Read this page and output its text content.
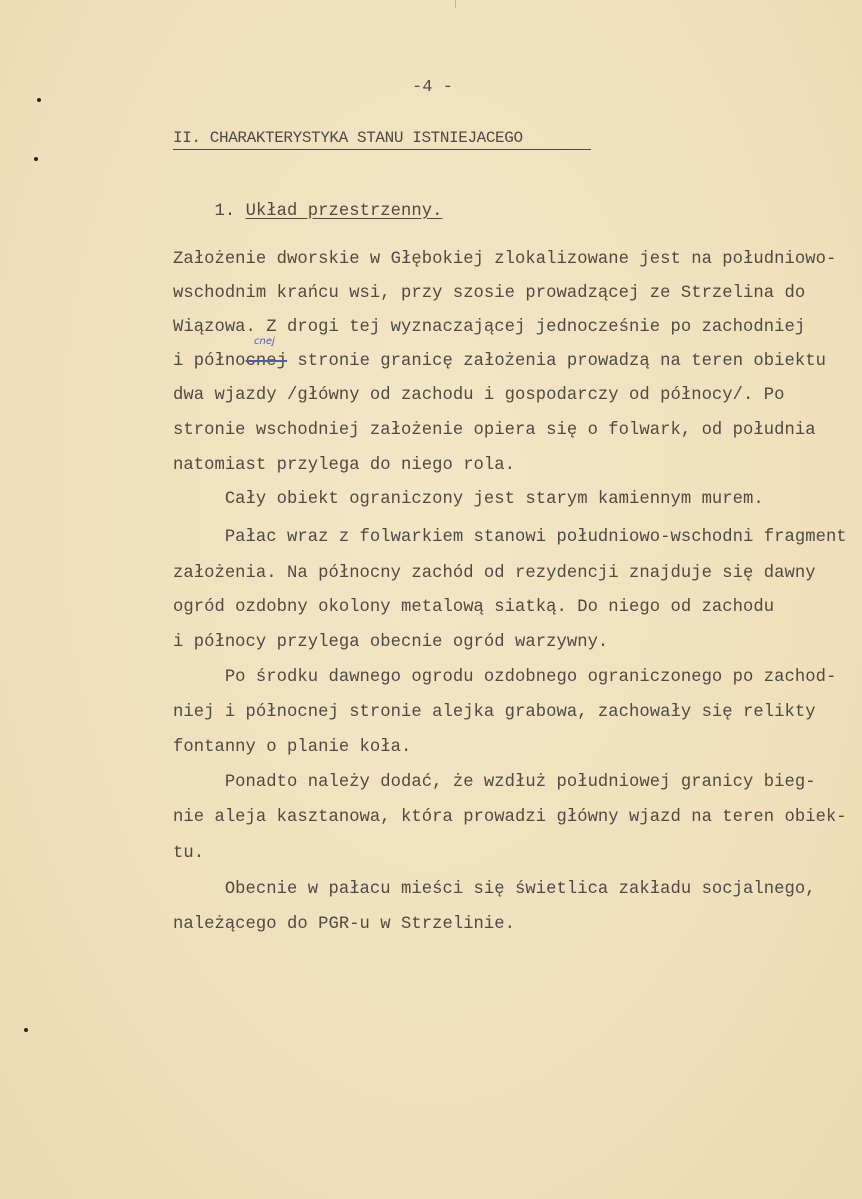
-4 -
II. CHARAKTERYSTYKA STANU ISTNIEJACEGO

1. Układ przestrzenny.

Założenie dworskie w Głębokiej zlokalizowane jest na południowo-
wschodnim krańcu wsi, przy szosie prowadzącej ze Strzelina do
Wiązowa. Z drogi tej wyznaczającej jednocześnie po zachodniej
cnej
i północnej stronie granicę założenia prowadzą na teren obiektu
dwa wjazdy /główny od zachodu i gospodarczy od północy/. Po
stronie wschodniej założenie opiera się o folwark, od południa
natomiast przylega do niego rola.
Cały obiekt ograniczony jest starym kamiennym murem.
Pałac wraz z folwarkiem stanowi południowo-wschodni fragment
założenia. Na północny zachód od rezydencji znajduje się dawny
ogród ozdobny okolony metalową siatką. Do niego od zachodu
i północy przylega obecnie ogród warzywny.
Po środku dawnego ogrodu ozdobnego ograniczonego po zachod-
niej i północnej stronie alejka grabowa, zachowały się relikty
fontanny o planie koła.
Ponadto należy dodać, że wzdłuż południowej granicy bieg-
nie aleja kasztanowa, która prowadzi główny wjazd na teren obiek-
tu.
Obecnie w pałacu mieści się świetlica zakładu socjalnego,
należącego do PGR-u w Strzelinie.
